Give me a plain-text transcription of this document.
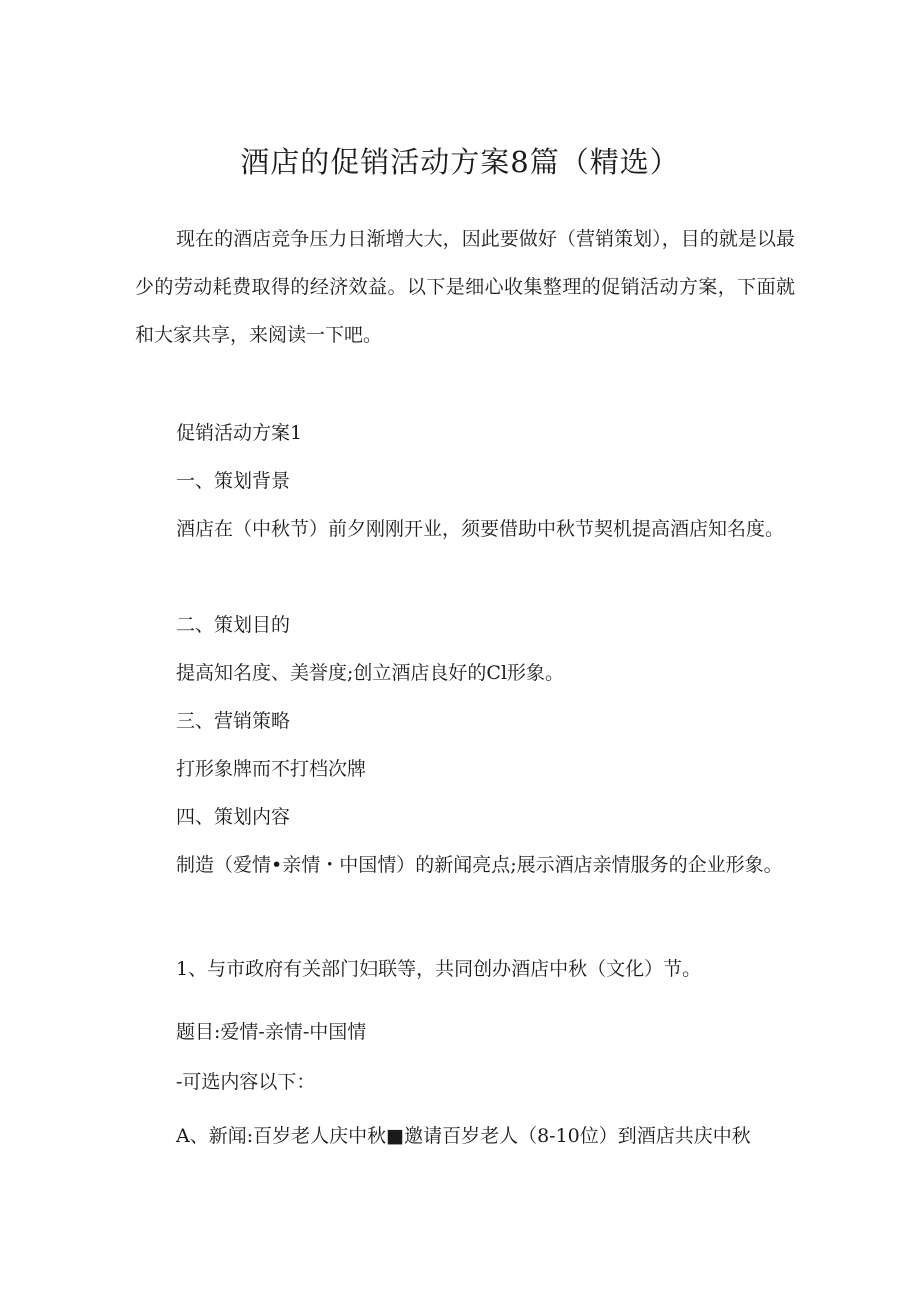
酒店的促销活动方案8篇（精选）
现在的酒店竞争压力日渐增大大，因此要做好（营销策划），目的就是以最少的劳动耗费取得的经济效益。以下是细心收集整理的促销活动方案，下面就和大家共享，来阅读一下吧。
促销活动方案1
一、策划背景
酒店在（中秋节）前夕刚刚开业，须要借助中秋节契机提高酒店知名度。
二、策划目的
提高知名度、美誉度;创立酒店良好的Cl形象。
三、营销策略
打形象牌而不打档次牌
四、策划内容
制造（爱情•亲情・中国情）的新闻亮点;展示酒店亲情服务的企业形象。
1、与市政府有关部门妇联等，共同创办酒店中秋（文化）节。
题目:爱情-亲情-中国情
-可选内容以下：
A、新闻:百岁老人庆中秋■邀请百岁老人（8-10位）到酒店共庆中秋
